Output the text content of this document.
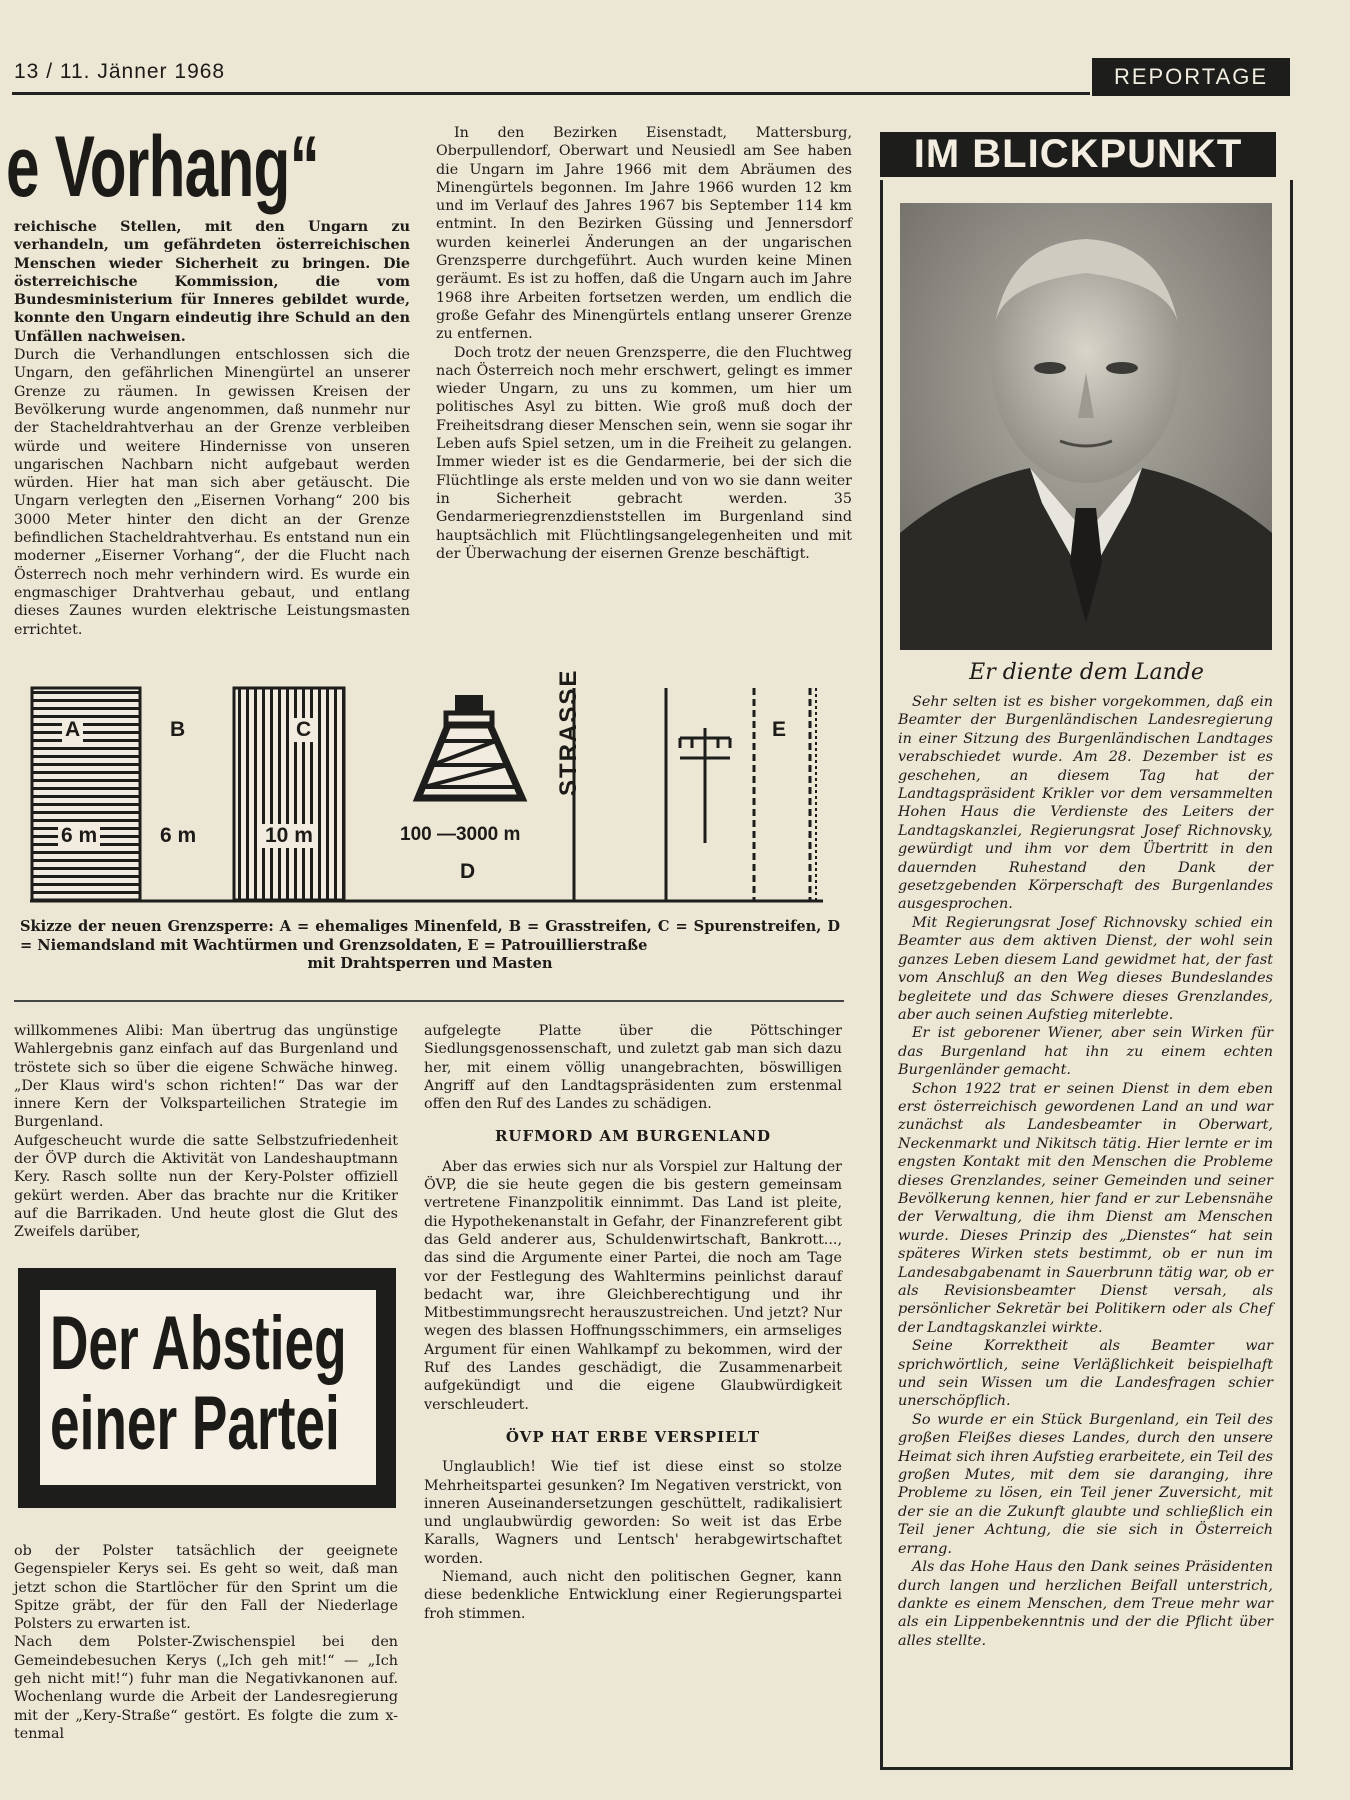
13 / 11. Jänner 1968	REPORTAGE
e Vorhang“

reichische Stellen, mit den Ungarn zu verhandeln, um gefährdeten österreichischen Menschen wieder Sicherheit zu bringen. Die österreichische Kommission, die vom Bundesministerium für Inneres gebildet wurde, konnte den Ungarn eindeutig ihre Schuld an den Unfällen nachweisen.

Durch die Verhandlungen entschlossen sich die Ungarn, den gefährlichen Minengürtel an unserer Grenze zu räumen. In gewissen Kreisen der Bevölkerung wurde angenommen, daß nunmehr nur der Stacheldrahtverhau an der Grenze verbleiben würde und weitere Hindernisse von unseren ungarischen Nachbarn nicht aufgebaut werden würden. Hier hat man sich aber getäuscht. Die Ungarn verlegten den „Eisernen Vorhang“ 200 bis 3000 Meter hinter den dicht an der Grenze befindlichen Stacheldrahtverhau. Es entstand nun ein moderner „Eiserner Vorhang“, der die Flucht nach Österrech noch mehr verhindern wird. Es wurde ein engmaschiger Drahtverhau gebaut, und entlang dieses Zaunes wurden elektrische Leistungsmasten errichtet.

In den Bezirken Eisenstadt, Mattersburg, Oberpullendorf, Oberwart und Neusiedl am See haben die Ungarn im Jahre 1966 mit dem Abräumen des Minengürtels begonnen. Im Jahre 1966 wurden 12 km und im Verlauf des Jahres 1967 bis September 114 km entmint. In den Bezirken Güssing und Jennersdorf wurden keinerlei Änderungen an der ungarischen Grenzsperre durchgeführt. Auch wurden keine Minen geräumt. Es ist zu hoffen, daß die Ungarn auch im Jahre 1968 ihre Arbeiten fortsetzen werden, um endlich die große Gefahr des Minengürtels entlang unserer Grenze zu entfernen.

Doch trotz der neuen Grenzsperre, die den Fluchtweg nach Österreich noch mehr erschwert, gelingt es immer wieder Ungarn, zu uns zu kommen, um hier um politisches Asyl zu bitten. Wie groß muß doch der Freiheitsdrang dieser Menschen sein, wenn sie sogar ihr Leben aufs Spiel setzen, um in die Freiheit zu gelangen. Immer wieder ist es die Gendarmerie, bei der sich die Flüchtlinge als erste melden und von wo sie dann weiter in Sicherheit gebracht werden. 35 Gendarmeriegrenzdienststellen im Burgenland sind hauptsächlich mit Flüchtlingsangelegenheiten und mit der Überwachung der eisernen Grenze beschäftigt.

A	B	C	E
6 m	6 m	10 m	100 —3000 m
D
STRASSE
Skizze der neuen Grenzsperre: A = ehemaliges Minenfeld, B = Grasstreifen, C = Spurenstreifen, D = Niemandsland mit Wachtürmen und Grenzsoldaten, E = Patrouillierstraße
mit Drahtsperren und Masten

willkommenes Alibi: Man übertrug das ungünstige Wahlergebnis ganz einfach auf das Burgenland und tröstete sich so über die eigene Schwäche hinweg. „Der Klaus wird's schon richten!“ Das war der innere Kern der Volksparteilichen Strategie im Burgenland.

Aufgescheucht wurde die satte Selbstzufriedenheit der ÖVP durch die Aktivität von Landeshauptmann Kery. Rasch sollte nun der Kery-Polster offiziell gekürt werden. Aber das brachte nur die Kritiker auf die Barrikaden. Und heute glost die Glut des Zweifels darüber,

Der Abstieg
einer Partei

ob der Polster tatsächlich der geeignete Gegenspieler Kerys sei. Es geht so weit, daß man jetzt schon die Startlöcher für den Sprint um die Spitze gräbt, der für den Fall der Niederlage Polsters zu erwarten ist.

Nach dem Polster-Zwischenspiel bei den Gemeindebesuchen Kerys („Ich geh mit!“ — „Ich geh nicht mit!“) fuhr man die Negativkanonen auf. Wochenlang wurde die Arbeit der Landesregierung mit der „Kery-Straße“ gestört. Es folgte die zum x-tenmal

aufgelegte Platte über die Pöttschinger Siedlungsgenossenschaft, und zuletzt gab man sich dazu her, mit einem völlig unangebrachten, böswilligen Angriff auf den Landtagspräsidenten zum erstenmal offen den Ruf des Landes zu schädigen.

RUFMORD AM BURGENLAND

Aber das erwies sich nur als Vorspiel zur Haltung der ÖVP, die sie heute gegen die bis gestern gemeinsam vertretene Finanzpolitik einnimmt. Das Land ist pleite, die Hypothekenanstalt in Gefahr, der Finanzreferent gibt das Geld anderer aus, Schuldenwirtschaft, Bankrott..., das sind die Argumente einer Partei, die noch am Tage vor der Festlegung des Wahltermins peinlichst darauf bedacht war, ihre Gleichberechtigung und ihr Mitbestimmungsrecht herauszustreichen. Und jetzt? Nur wegen des blassen Hoffnungsschimmers, ein armseliges Argument für einen Wahlkampf zu bekommen, wird der Ruf des Landes geschädigt, die Zusammenarbeit aufgekündigt und die eigene Glaubwürdigkeit verschleudert.

ÖVP HAT ERBE VERSPIELT

Unglaublich! Wie tief ist diese einst so stolze Mehrheitspartei gesunken? Im Negativen verstrickt, von inneren Auseinandersetzungen geschüttelt, radikalisiert und unglaubwürdig geworden: So weit ist das Erbe Karalls, Wagners und Lentsch' herabgewirtschaftet worden.

Niemand, auch nicht den politischen Gegner, kann diese bedenkliche Entwicklung einer Regierungspartei froh stimmen.

IM BLICKPUNKT
Er diente dem Lande

Sehr selten ist es bisher vorgekommen, daß ein Beamter der Burgenländischen Landesregierung in einer Sitzung des Burgenländischen Landtages verabschiedet wurde. Am 28. Dezember ist es geschehen, an diesem Tag hat der Landtagspräsident Krikler vor dem versammelten Hohen Haus die Verdienste des Leiters der Landtagskanzlei, Regierungsrat Josef Richnovsky, gewürdigt und ihm vor dem Übertritt in den dauernden Ruhestand den Dank der gesetzgebenden Körperschaft des Burgenlandes ausgesprochen.

Mit Regierungsrat Josef Richnovsky schied ein Beamter aus dem aktiven Dienst, der wohl sein ganzes Leben diesem Land gewidmet hat, der fast vom Anschluß an den Weg dieses Bundeslandes begleitete und das Schwere dieses Grenzlandes, aber auch seinen Aufstieg miterlebte.

Er ist geborener Wiener, aber sein Wirken für das Burgenland hat ihn zu einem echten Burgenländer gemacht.

Schon 1922 trat er seinen Dienst in dem eben erst österreichisch gewordenen Land an und war zunächst als Landesbeamter in Oberwart, Neckenmarkt und Nikitsch tätig. Hier lernte er im engsten Kontakt mit den Menschen die Probleme dieses Grenzlandes, seiner Gemeinden und seiner Bevölkerung kennen, hier fand er zur Lebensnähe der Verwaltung, die ihm Dienst am Menschen wurde. Dieses Prinzip des „Dienstes“ hat sein späteres Wirken stets bestimmt, ob er nun im Landesabgabenamt in Sauerbrunn tätig war, ob er als Revisionsbeamter Dienst versah, als persönlicher Sekretär bei Politikern oder als Chef der Landtagskanzlei wirkte.

Seine Korrektheit als Beamter war sprichwörtlich, seine Verläßlichkeit beispielhaft und sein Wissen um die Landesfragen schier unerschöpflich.

So wurde er ein Stück Burgenland, ein Teil des großen Fleißes dieses Landes, durch den unsere Heimat sich ihren Aufstieg erarbeitete, ein Teil des großen Mutes, mit dem sie daranging, ihre Probleme zu lösen, ein Teil jener Zuversicht, mit der sie an die Zukunft glaubte und schließlich ein Teil jener Achtung, die sie sich in Österreich errang.

Als das Hohe Haus den Dank seines Präsidenten durch langen und herzlichen Beifall unterstrich, dankte es einem Menschen, dem Treue mehr war als ein Lippenbekenntnis und der die Pflicht über alles stellte.
